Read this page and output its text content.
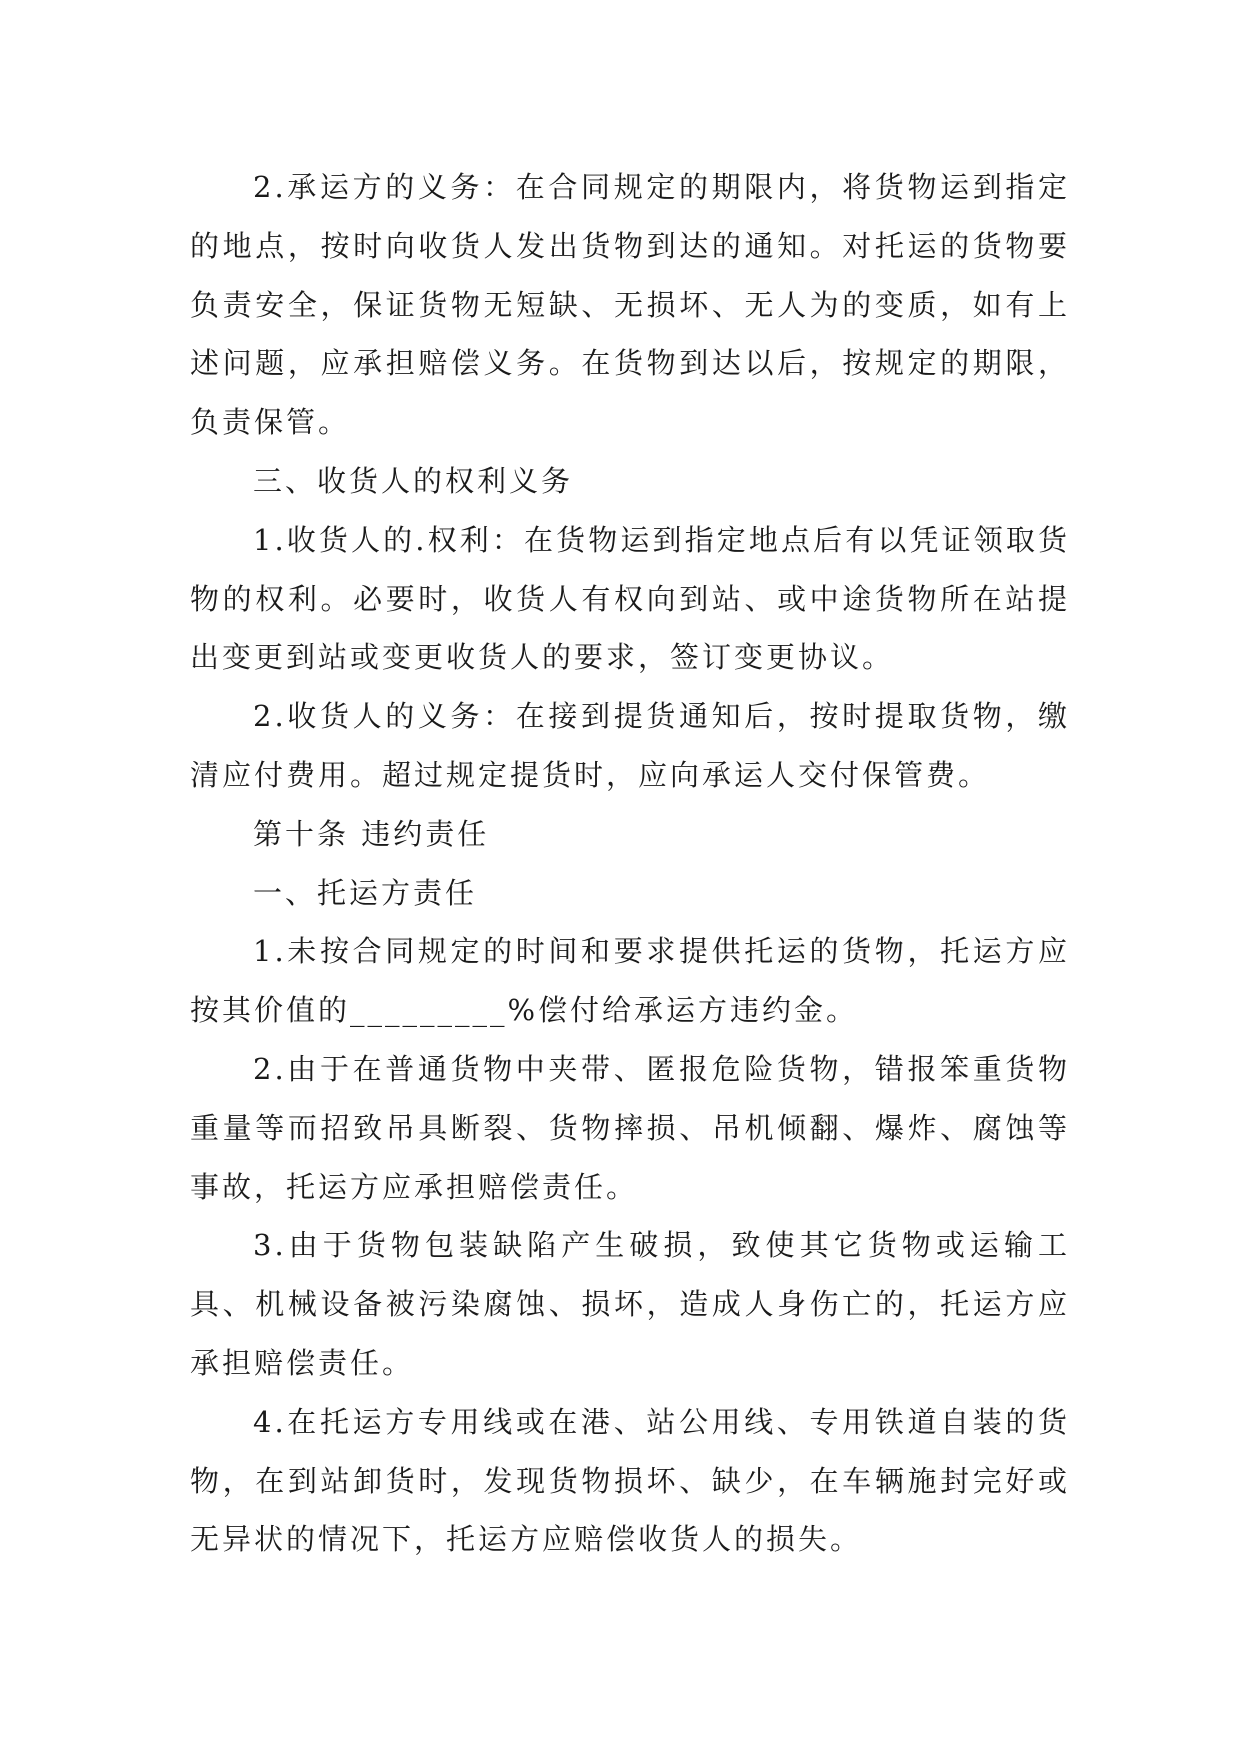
2.承运方的义务：在合同规定的期限内，将货物运到指定的地点，按时向收货人发出货物到达的通知。对托运的货物要负责安全，保证货物无短缺、无损坏、无人为的变质，如有上述问题，应承担赔偿义务。在货物到达以后，按规定的期限，负责保管。

三、收货人的权利义务

1.收货人的.权利：在货物运到指定地点后有以凭证领取货物的权利。必要时，收货人有权向到站、或中途货物所在站提出变更到站或变更收货人的要求，签订变更协议。

2.收货人的义务：在接到提货通知后，按时提取货物，缴清应付费用。超过规定提货时，应向承运人交付保管费。

第十条 违约责任

一、托运方责任

1.未按合同规定的时间和要求提供托运的货物，托运方应按其价值的_________%偿付给承运方违约金。

2.由于在普通货物中夹带、匿报危险货物，错报笨重货物重量等而招致吊具断裂、货物摔损、吊机倾翻、爆炸、腐蚀等事故，托运方应承担赔偿责任。

3.由于货物包装缺陷产生破损，致使其它货物或运输工具、机械设备被污染腐蚀、损坏，造成人身伤亡的，托运方应承担赔偿责任。

4.在托运方专用线或在港、站公用线、专用铁道自装的货物，在到站卸货时，发现货物损坏、缺少，在车辆施封完好或无异状的情况下，托运方应赔偿收货人的损失。
